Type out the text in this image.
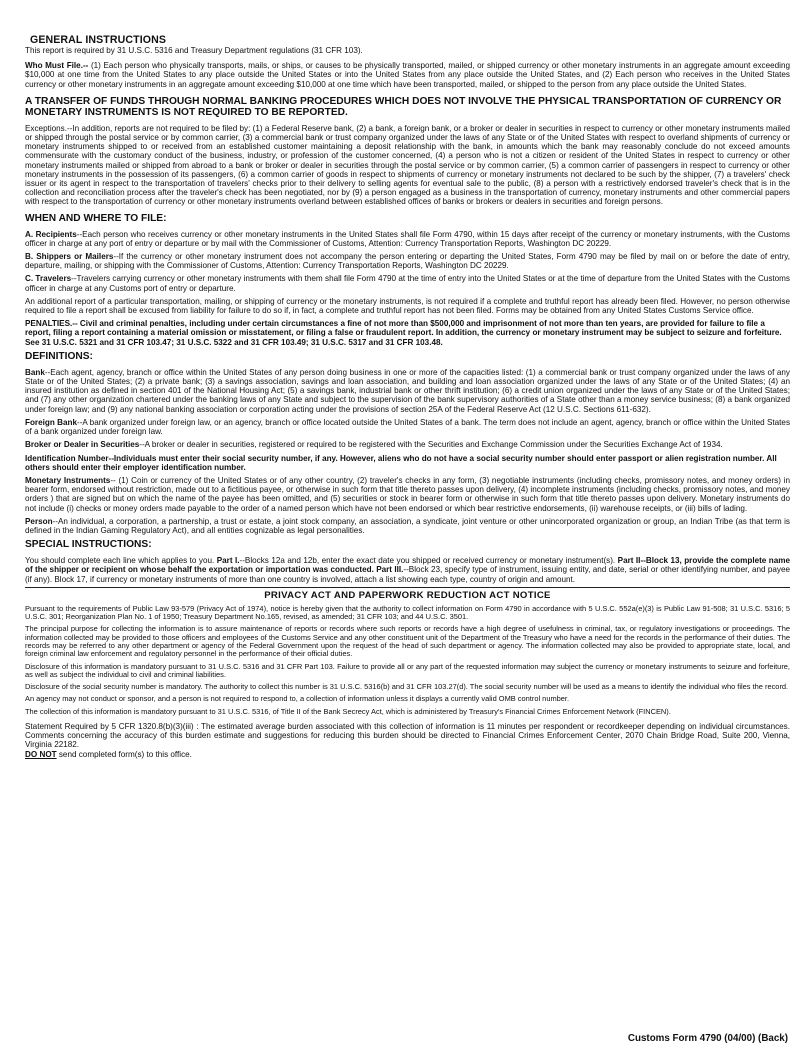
GENERAL INSTRUCTIONS

This report is required by 31 U.S.C. 5316 and Treasury Department regulations (31 CFR 103).

Who Must File.-- (1) Each person who physically transports, mails, or ships, or causes to be physically transported, mailed, or shipped currency or other monetary instruments in an aggregate amount exceeding $10,000 at one time from the United States to any place outside the United States or into the United States from any place outside the United States, and (2) Each person who receives in the United States currency or other monetary instruments in an aggregate amount exceeding $10,000 at one time which have been transported, mailed, or shipped to the person from any place outside the United States.

A TRANSFER OF FUNDS THROUGH NORMAL BANKING PROCEDURES WHICH DOES NOT INVOLVE THE PHYSICAL TRANSPORTATION OF CURRENCY OR MONETARY INSTRUMENTS IS NOT REQUIRED TO BE REPORTED.

Exceptions.--In addition, reports are not required to be filed by: (1) a Federal Reserve bank, (2) a bank, a foreign bank, or a broker or dealer in securities in respect to currency or other monetary instruments mailed or shipped through the postal service or by common carrier, (3) a commercial bank or trust company organized under the laws of any State or of the United States with respect to overland shipments of currency or monetary instruments shipped to or received from an established customer maintaining a deposit relationship with the bank, in amounts which the bank may reasonably conclude do not exceed amounts commensurate with the customary conduct of the business, industry, or profession of the customer concerned, (4) a person who is not a citizen or resident of the United States in respect to currency or other monetary instruments mailed or shipped from abroad to a bank or broker or dealer in securities through the postal service or by common carrier, (5) a common carrier of passengers in respect to currency or other monetary instruments in the possession of its passengers, (6) a common carrier of goods in respect to shipments of currency or monetary instruments not declared to be such by the shipper, (7) a travelers' check issuer or its agent in respect to the transportation of travelers' checks prior to their delivery to selling agents for eventual sale to the public, (8) a person with a restrictively endorsed traveler's check that is in the collection and reconciliation process after the traveler's check has been negotiated, nor by (9) a person engaged as a business in the transportation of currency, monetary instruments and other commercial papers with respect to the transportation of currency or other monetary instruments overland between established offices of banks or brokers or dealers in securities and foreign persons.

WHEN AND WHERE TO FILE:

A. Recipients--Each person who receives currency or other monetary instruments in the United States shall file Form 4790, within 15 days after receipt of the currency or monetary instruments, with the Customs officer in charge at any port of entry or departure or by mail with the Commissioner of Customs, Attention: Currency Transportation Reports, Washington DC 20229.

B. Shippers or Mailers--If the currency or other monetary instrument does not accompany the person entering or departing the United States, Form 4790 may be filed by mail on or before the date of entry, departure, mailing, or shipping with the Commissioner of Customs, Attention: Currency Transportation Reports, Washington DC 20229.

C. Travelers--Travelers carrying currency or other monetary instruments with them shall file Form 4790 at the time of entry into the United States or at the time of departure from the United States with the Customs officer in charge at any Customs port of entry or departure.

An additional report of a particular transportation, mailing, or shipping of currency or the monetary instruments, is not required if a complete and truthful report has already been filed. However, no person otherwise required to file a report shall be excused from liability for failure to do so if, in fact, a complete and truthful report has not been filed. Forms may be obtained from any United States Customs Service office.

PENALTIES.-- Civil and criminal penalties, including under certain circumstances a fine of not more than $500,000 and imprisonment of not more than ten years, are provided for failure to file a report, filing a report containing a material omission or misstatement, or filing a false or fraudulent report. In addition, the currency or monetary instrument may be subject to seizure and forfeiture. See 31 U.S.C. 5321 and 31 CFR 103.47; 31 U.S.C. 5322 and 31 CFR 103.49; 31 U.S.C. 5317 and 31 CFR 103.48.

DEFINITIONS:

Bank--Each agent, agency, branch or office within the United States of any person doing business in one or more of the capacities listed: (1) a commercial bank or trust company organized under the laws of any State or of the United States; (2) a private bank; (3) a savings association, savings and loan association, and building and loan association organized under the laws of any State or of the United States; (4) an insured institution as defined in section 401 of the National Housing Act; (5) a savings bank, industrial bank or other thrift institution; (6) a credit union organized under the laws of any State or of the United States; and (7) any other organization chartered under the banking laws of any State and subject to the supervision of the bank supervisory authorities of a State other than a money service business; (8) a bank organized under foreign law; and (9) any national banking association or corporation acting under the provisions of section 25A of the Federal Reserve Act (12 U.S.C. Sections 611-632).

Foreign Bank--A bank organized under foreign law, or an agency, branch or office located outside the United States of a bank. The term does not include an agent, agency, branch or office within the United States of a bank organized under foreign law.

Broker or Dealer in Securities--A broker or dealer in securities, registered or required to be registered with the Securities and Exchange Commission under the Securities Exchange Act of 1934.

Identification Number--Individuals must enter their social security number, if any. However, aliens who do not have a social security number should enter passport or alien registration number. All others should enter their employer identification number.

Monetary Instruments-- (1) Coin or currency of the United States or of any other country, (2) traveler's checks in any form, (3) negotiable instruments (including checks, promissory notes, and money orders) in bearer form, endorsed without restriction, made out to a fictitious payee, or otherwise in such form that title thereto passes upon delivery, (4) incomplete instruments (including checks, promissory notes, and money orders ) that are signed but on which the name of the payee has been omitted, and (5) securities or stock in bearer form or otherwise in such form that title thereto passes upon delivery. Monetary instruments do not include (i) checks or money orders made payable to the order of a named person which have not been endorsed or which bear restrictive endorsements, (ii) warehouse receipts, or (iii) bills of lading.

Person--An individual, a corporation, a partnership, a trust or estate, a joint stock company, an association, a syndicate, joint venture or other unincorporated organization or group, an Indian Tribe (as that term is defined in the Indian Gaming Regulatory Act), and all entities cognizable as legal personalities.

SPECIAL INSTRUCTIONS:

You should complete each line which applies to you. Part I.--Blocks 12a and 12b, enter the exact date you shipped or received currency or monetary instrument(s). Part II--Block 13, provide the complete name of the shipper or recipient on whose behalf the exportation or importation was conducted. Part III.--Block 23, specify type of instrument, issuing entity, and date, serial or other identifying number, and payee (if any). Block 17, if currency or monetary instruments of more than one country is involved, attach a list showing each type, country of origin and amount.

PRIVACY ACT AND PAPERWORK REDUCTION ACT NOTICE

Pursuant to the requirements of Public Law 93-579 (Privacy Act of 1974), notice is hereby given that the authority to collect information on Form 4790 in accordance with 5 U.S.C. 552a(e)(3) is Public Law 91-508; 31 U.S.C. 5316; 5 U.S.C. 301; Reorganization Plan No. 1 of 1950; Treasury Department No.165, revised, as amended; 31 CFR 103; and 44 U.S.C. 3501.

The principal purpose for collecting the information is to assure maintenance of reports or records where such reports or records have a high degree of usefulness in criminal, tax, or regulatory investigations or proceedings. The information collected may be provided to those officers and employees of the Customs Service and any other constituent unit of the Department of the Treasury who have a need for the records in the performance of their duties. The records may be referred to any other department or agency of the Federal Government upon the request of the head of such department or agency. The information collected may also be provided to appropriate state, local, and foreign criminal law enforcement and regulatory personnel in the performance of their official duties.

Disclosure of this information is mandatory pursuant to 31 U.S.C. 5316 and 31 CFR Part 103. Failure to provide all or any part of the requested information may subject the currency or monetary instruments to seizure and forfeiture, as well as subject the individual to civil and criminal liabilities.

Disclosure of the social security number is mandatory. The authority to collect this number is 31 U.S.C. 5316(b) and 31 CFR 103.27(d). The social security number will be used as a means to identify the individual who files the record.

An agency may not conduct or sponsor, and a person is not required to respond to, a collection of information unless it displays a currently valid OMB control number.

The collection of this information is mandatory pursuant to 31 U.S.C. 5316, of Title II of the Bank Secrecy Act, which is administered by Treasury's Financial Crimes Enforcement Network (FINCEN).

Statement Required by 5 CFR 1320.8(b)(3)(iii) : The estimated average burden associated with this collection of information is 11 minutes per respondent or recordkeeper depending on individual circumstances. Comments concerning the accuracy of this burden estimate and suggestions for reducing this burden should be directed to Financial Crimes Enforcement Center, 2070 Chain Bridge Road, Suite 200, Vienna, Virginia 22182.

DO NOT send completed form(s) to this office.

Customs Form 4790 (04/00) (Back)
